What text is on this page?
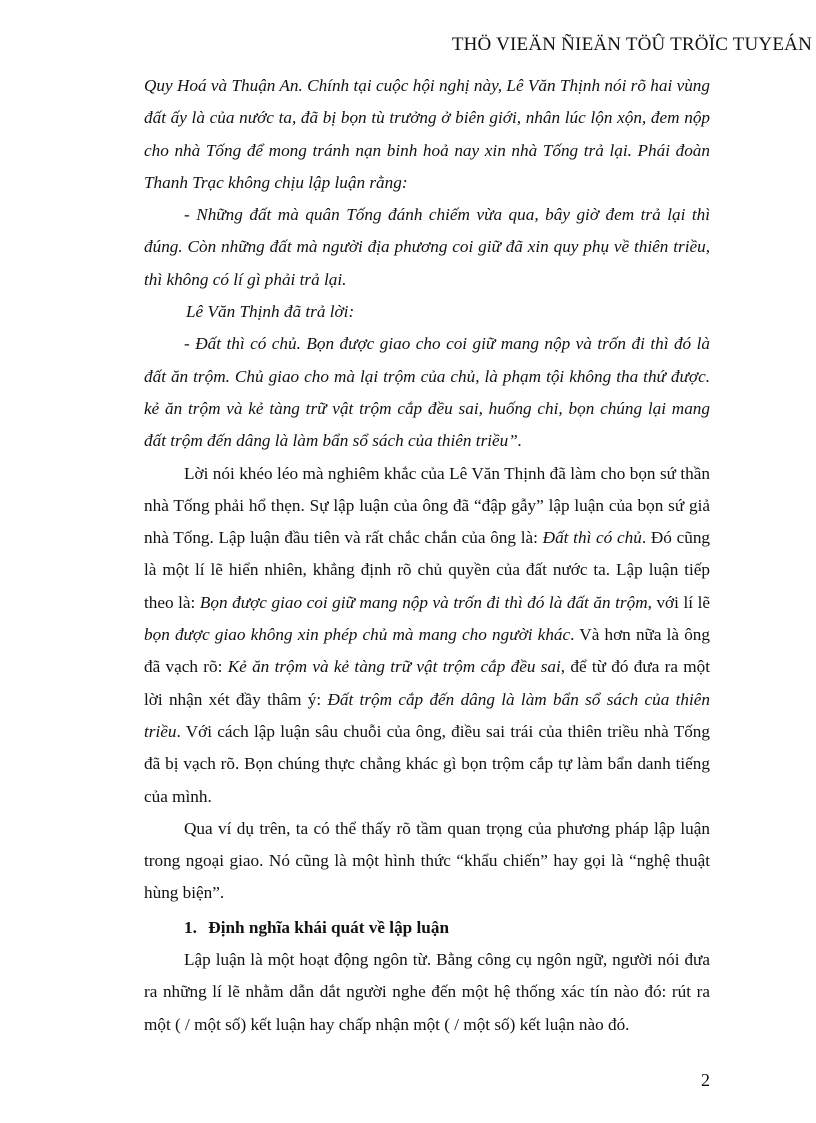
THÖ VIEÄN ÑIEÄN TÖÛ TRÖÏC TUYEÁN

Quy Hoá và Thuận An. Chính tại cuộc hội nghị này, Lê Văn Thịnh nói rõ hai vùng đất ấy là của nước ta, đã bị bọn tù trưởng ở biên giới, nhân lúc lộn xộn, đem nộp cho nhà Tống để mong tránh nạn binh hoả nay xin nhà Tống trả lại. Phái đoàn Thanh Trạc không chịu lập luận rằng:

- Những đất mà quân Tống đánh chiếm vừa qua, bây giờ đem trả lại thì đúng. Còn những đất mà người địa phương coi giữ đã xin quy phụ về thiên triều, thì không có lí gì phải trả lại.

Lê Văn Thịnh đã trả lời:

- Đất thì có chủ. Bọn được giao cho coi giữ mang nộp và trốn đi thì đó là đất ăn trộm. Chủ giao cho mà lại trộm của chủ, là phạm tội không tha thứ được. kẻ ăn trộm và kẻ tàng trữ vật trộm cắp đều sai, huống chi, bọn chúng lại mang đất trộm đến dâng là làm bẩn sổ sách của thiên triều”.

Lời nói khéo léo mà nghiêm khắc của Lê Văn Thịnh đã làm cho bọn sứ thần nhà Tống phải hổ thẹn. Sự lập luận của ông đã “đập gẫy” lập luận của bọn sứ giả nhà Tống. Lập luận đầu tiên và rất chắc chắn của ông là: Đất thì có chủ. Đó cũng là một lí lẽ hiển nhiên, khẳng định rõ chủ quyền của đất nước ta. Lập luận tiếp theo là: Bọn được giao coi giữ mang nộp và trốn đi thì đó là đất ăn trộm, với lí lẽ bọn được giao không xin phép chủ mà mang cho người khác. Và hơn nữa là ông đã vạch rõ: Kẻ ăn trộm và kẻ tàng trữ vật trộm cắp đều sai, để từ đó đưa ra một lời nhận xét đầy thâm ý: Đất trộm cắp đến dâng là làm bẩn sổ sách của thiên triều. Với cách lập luận sâu chuỗi của ông, điều sai trái của thiên triều nhà Tống đã bị vạch rõ. Bọn chúng thực chẳng khác gì bọn trộm cắp tự làm bẩn danh tiếng của mình.

Qua ví dụ trên, ta có thể thấy rõ tầm quan trọng của phương pháp lập luận trong ngoại giao. Nó cũng là một hình thức “khẩu chiến” hay gọi là “nghệ thuật hùng biện”.

1. Định nghĩa khái quát về lập luận

Lập luận là một hoạt động ngôn từ. Bằng công cụ ngôn ngữ, người nói đưa ra những lí lẽ nhằm dẫn dắt người nghe đến một hệ thống xác tín nào đó: rút ra một ( / một số) kết luận hay chấp nhận một ( / một số) kết luận nào đó.

2
